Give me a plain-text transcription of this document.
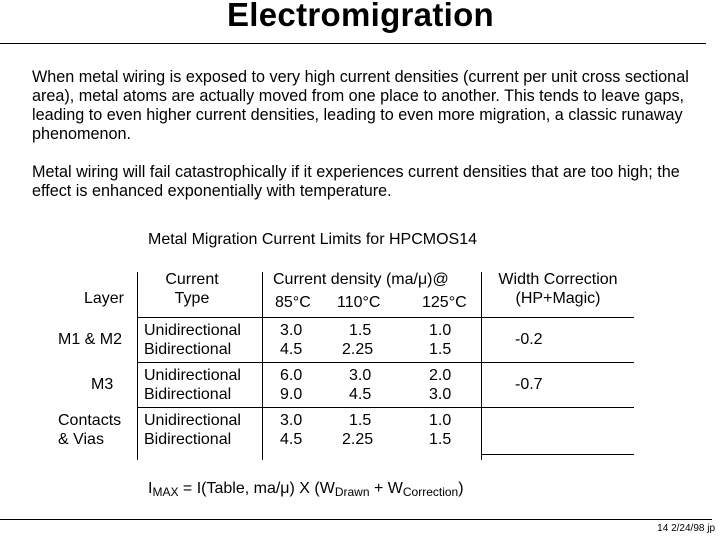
Electromigration
When metal wiring is exposed to very high current densities (current per unit cross sectional area), metal atoms are actually moved from one place to another. This tends to leave gaps, leading to even higher current densities, leading to even more migration, a classic runaway phenomenon.
Metal wiring will fail catastrophically if it experiences current densities that are too high; the effect is enhanced exponentially with temperature.
Metal Migration Current Limits for HPCMOS14
Layer
Current
Type
Current density (ma/μ)@
85°C 110°C	125°C
Width Correction
(HP+Magic)
M1 & M2
Unidirectional
Bidirectional
3.0
4.5
1.5
2.25
1.0
1.5
-0.2
M3
Unidirectional
Bidirectional
6.0
9.0
3.0
4.5
2.0
3.0
-0.7
Contacts
& Vias
Unidirectional
Bidirectional
3.0
4.5
1.5
2.25
1.0
1.5
$I_{MAX}$ = I(Table, ma/μ) X $(W_{Drawn} + W_{Correction})$
14 2/24/98 jp
